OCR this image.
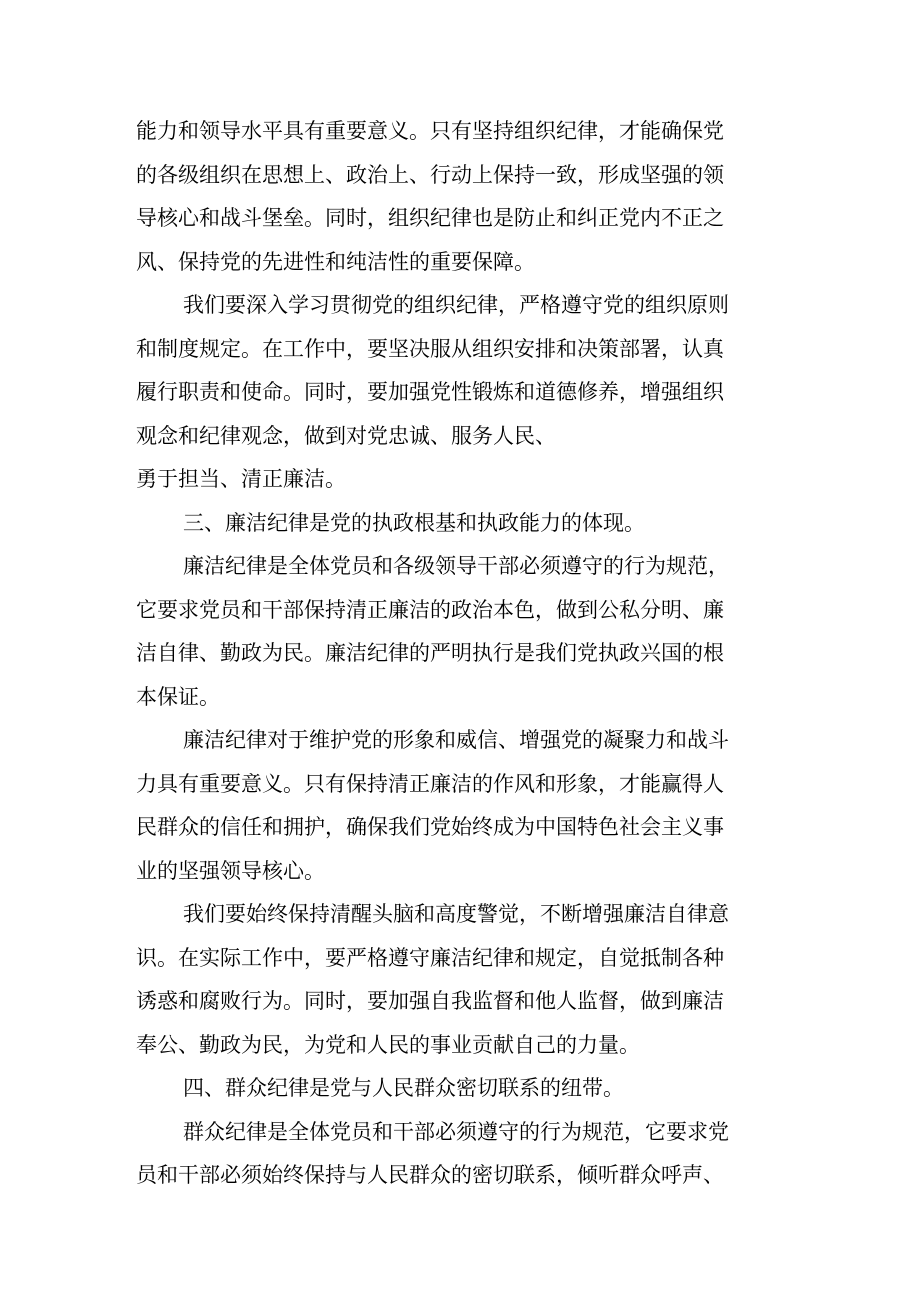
能力和领导水平具有重要意义。只有坚持组织纪律，才能确保党
的各级组织在思想上、政治上、行动上保持一致，形成坚强的领
导核心和战斗堡垒。同时，组织纪律也是防止和纠正党内不正之
风、保持党的先进性和纯洁性的重要保障。
我们要深入学习贯彻党的组织纪律，严格遵守党的组织原则
和制度规定。在工作中，要坚决服从组织安排和决策部署，认真
履行职责和使命。同时，要加强党性锻炼和道德修养，增强组织
观念和纪律观念，做到对党忠诚、服务人民、
勇于担当、清正廉洁。
三、廉洁纪律是党的执政根基和执政能力的体现。
廉洁纪律是全体党员和各级领导干部必须遵守的行为规范，
它要求党员和干部保持清正廉洁的政治本色，做到公私分明、廉
洁自律、勤政为民。廉洁纪律的严明执行是我们党执政兴国的根
本保证。
廉洁纪律对于维护党的形象和威信、增强党的凝聚力和战斗
力具有重要意义。只有保持清正廉洁的作风和形象，才能赢得人
民群众的信任和拥护，确保我们党始终成为中国特色社会主义事
业的坚强领导核心。
我们要始终保持清醒头脑和高度警觉，不断增强廉洁自律意
识。在实际工作中，要严格遵守廉洁纪律和规定，自觉抵制各种
诱惑和腐败行为。同时，要加强自我监督和他人监督，做到廉洁
奉公、勤政为民，为党和人民的事业贡献自己的力量。
四、群众纪律是党与人民群众密切联系的纽带。
群众纪律是全体党员和干部必须遵守的行为规范，它要求党
员和干部必须始终保持与人民群众的密切联系，倾听群众呼声、
